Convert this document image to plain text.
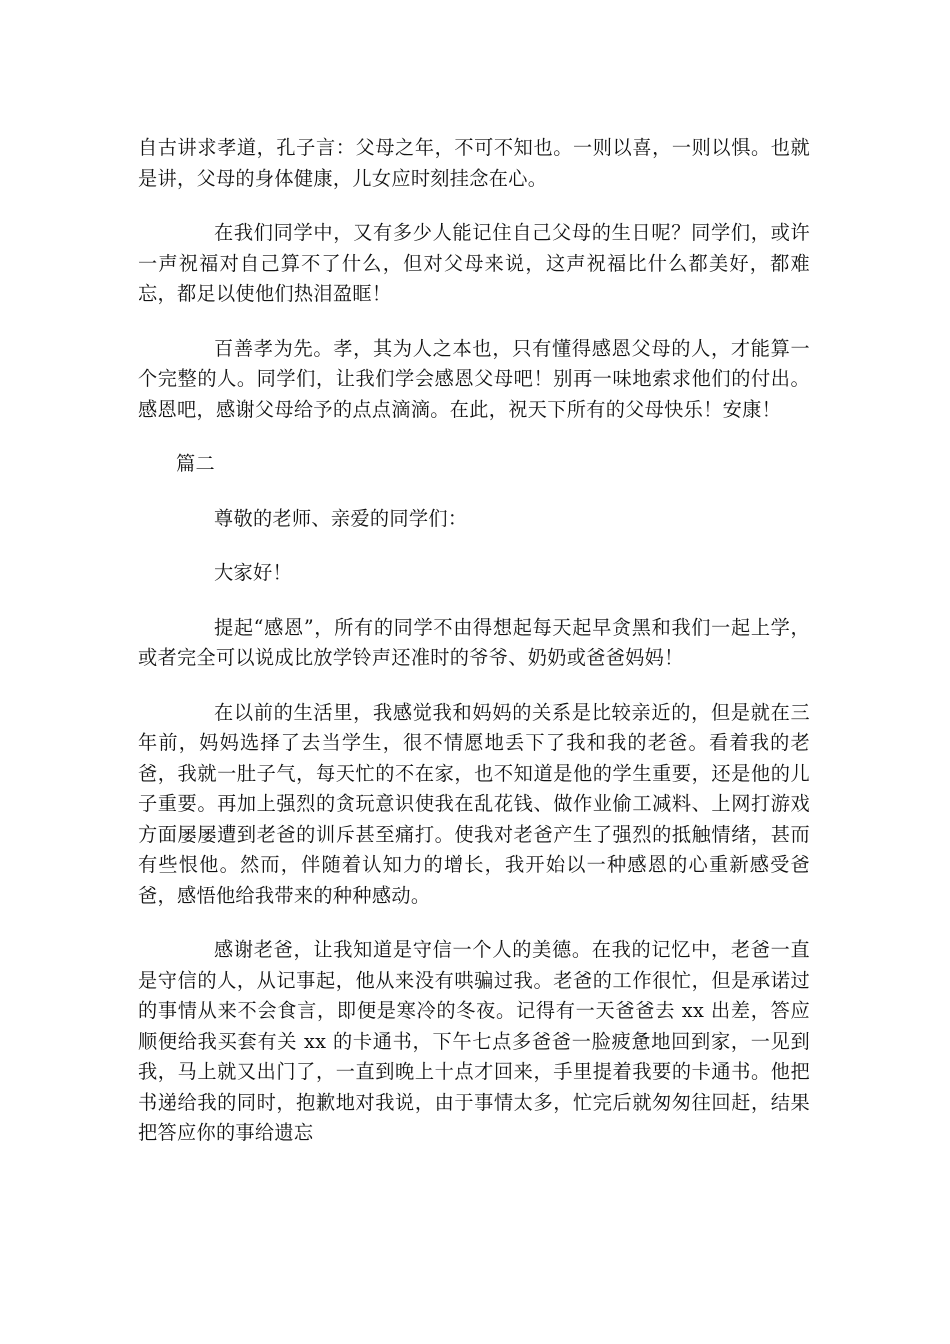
自古讲求孝道，孔子言：父母之年，不可不知也。一则以喜，一则以惧。也就是讲，父母的身体健康，儿女应时刻挂念在心。

在我们同学中，又有多少人能记住自己父母的生日呢？同学们，或许一声祝福对自己算不了什么，但对父母来说，这声祝福比什么都美好，都难忘，都足以使他们热泪盈眶！

百善孝为先。孝，其为人之本也，只有懂得感恩父母的人，才能算一个完整的人。同学们，让我们学会感恩父母吧！别再一味地索求他们的付出。感恩吧，感谢父母给予的点点滴滴。在此，祝天下所有的父母快乐！安康！

篇二

尊敬的老师、亲爱的同学们：

大家好！

提起“感恩”，所有的同学不由得想起每天起早贪黑和我们一起上学，或者完全可以说成比放学铃声还准时的爷爷、奶奶或爸爸妈妈！

在以前的生活里，我感觉我和妈妈的关系是比较亲近的，但是就在三年前，妈妈选择了去当学生，很不情愿地丢下了我和我的老爸。看着我的老爸，我就一肚子气，每天忙的不在家，也不知道是他的学生重要，还是他的儿子重要。再加上强烈的贪玩意识使我在乱花钱、做作业偷工减料、上网打游戏方面屡屡遭到老爸的训斥甚至痛打。使我对老爸产生了强烈的抵触情绪，甚而有些恨他。然而，伴随着认知力的增长，我开始以一种感恩的心重新感受爸爸，感悟他给我带来的种种感动。

感谢老爸，让我知道是守信一个人的美德。在我的记忆中，老爸一直是守信的人，从记事起，他从来没有哄骗过我。老爸的工作很忙，但是承诺过的事情从来不会食言，即便是寒冷的冬夜。记得有一天爸爸去 xx 出差，答应顺便给我买套有关 xx 的卡通书，下午七点多爸爸一脸疲惫地回到家，一见到我，马上就又出门了，一直到晚上十点才回来，手里提着我要的卡通书。他把书递给我的同时，抱歉地对我说，由于事情太多，忙完后就匆匆往回赶，结果把答应你的事给遗忘
